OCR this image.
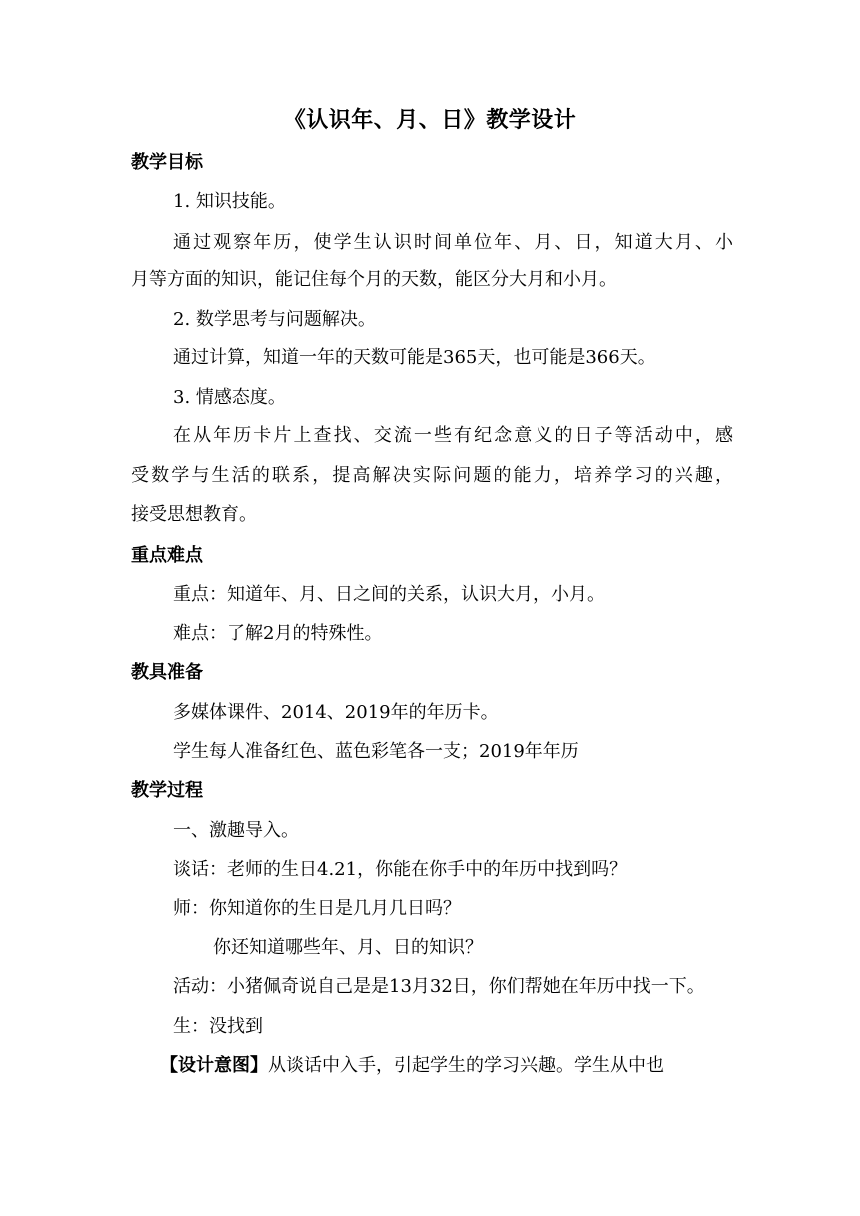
《认识年、月、日》教学设计
教学目标
1. 知识技能。
通过观察年历，使学生认识时间单位年、月、日，知道大月、小
月等方面的知识，能记住每个月的天数，能区分大月和小月。
2. 数学思考与问题解决。
通过计算，知道一年的天数可能是365天，也可能是366天。
3. 情感态度。
在从年历卡片上查找、交流一些有纪念意义的日子等活动中，感
受数学与生活的联系，提高解决实际问题的能力，培养学习的兴趣，
接受思想教育。
重点难点
重点：知道年、月、日之间的关系，认识大月，小月。
难点：了解2月的特殊性。
教具准备
多媒体课件、2014、2019年的年历卡。
学生每人准备红色、蓝色彩笔各一支；2019年年历
教学过程
一、激趣导入。
谈话：老师的生日4.21，你能在你手中的年历中找到吗？
师：你知道你的生日是几月几日吗？
你还知道哪些年、月、日的知识？
活动：小猪佩奇说自己是是13月32日，你们帮她在年历中找一下。
生：没找到
【设计意图】从谈话中入手，引起学生的学习兴趣。学生从中也
